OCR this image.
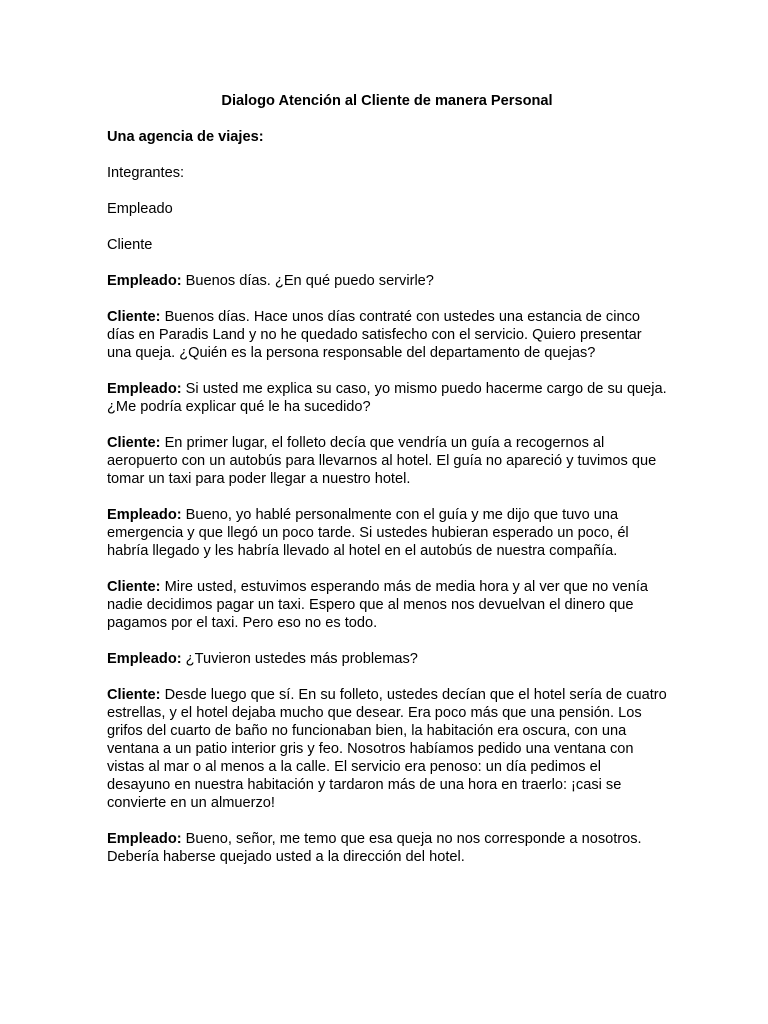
Dialogo Atención al Cliente de manera Personal
Una agencia de viajes:
Integrantes:
Empleado
Cliente
Empleado: Buenos días. ¿En qué puedo servirle?
Cliente: Buenos días. Hace unos días contraté con ustedes una estancia de cinco días en Paradis Land y no he quedado satisfecho con el servicio. Quiero presentar una queja. ¿Quién es la persona responsable del departamento de quejas?
Empleado: Si usted me explica su caso, yo mismo puedo hacerme cargo de su queja. ¿Me podría explicar qué le ha sucedido?
Cliente: En primer lugar, el folleto decía que vendría un guía a recogernos al aeropuerto con un autobús para llevarnos al hotel. El guía no apareció y tuvimos que tomar un taxi para poder llegar a nuestro hotel.
Empleado: Bueno, yo hablé personalmente con el guía y me dijo que tuvo una emergencia y que llegó un poco tarde. Si ustedes hubieran esperado un poco, él habría llegado y les habría llevado al hotel en el autobús de nuestra compañía.
Cliente: Mire usted, estuvimos esperando más de media hora y al ver que no venía nadie decidimos pagar un taxi. Espero que al menos nos devuelvan el dinero que pagamos por el taxi. Pero eso no es todo.
Empleado: ¿Tuvieron ustedes más problemas?
Cliente: Desde luego que sí. En su folleto, ustedes decían que el hotel sería de cuatro estrellas, y el hotel dejaba mucho que desear. Era poco más que una pensión. Los grifos del cuarto de baño no funcionaban bien, la habitación era oscura, con una ventana a un patio interior gris y feo. Nosotros habíamos pedido una ventana con vistas al mar o al menos a la calle. El servicio era penoso: un día pedimos el desayuno en nuestra habitación y tardaron más de una hora en traerlo: ¡casi se convierte en un almuerzo!
Empleado: Bueno, señor, me temo que esa queja no nos corresponde a nosotros. Debería haberse quejado usted a la dirección del hotel.
